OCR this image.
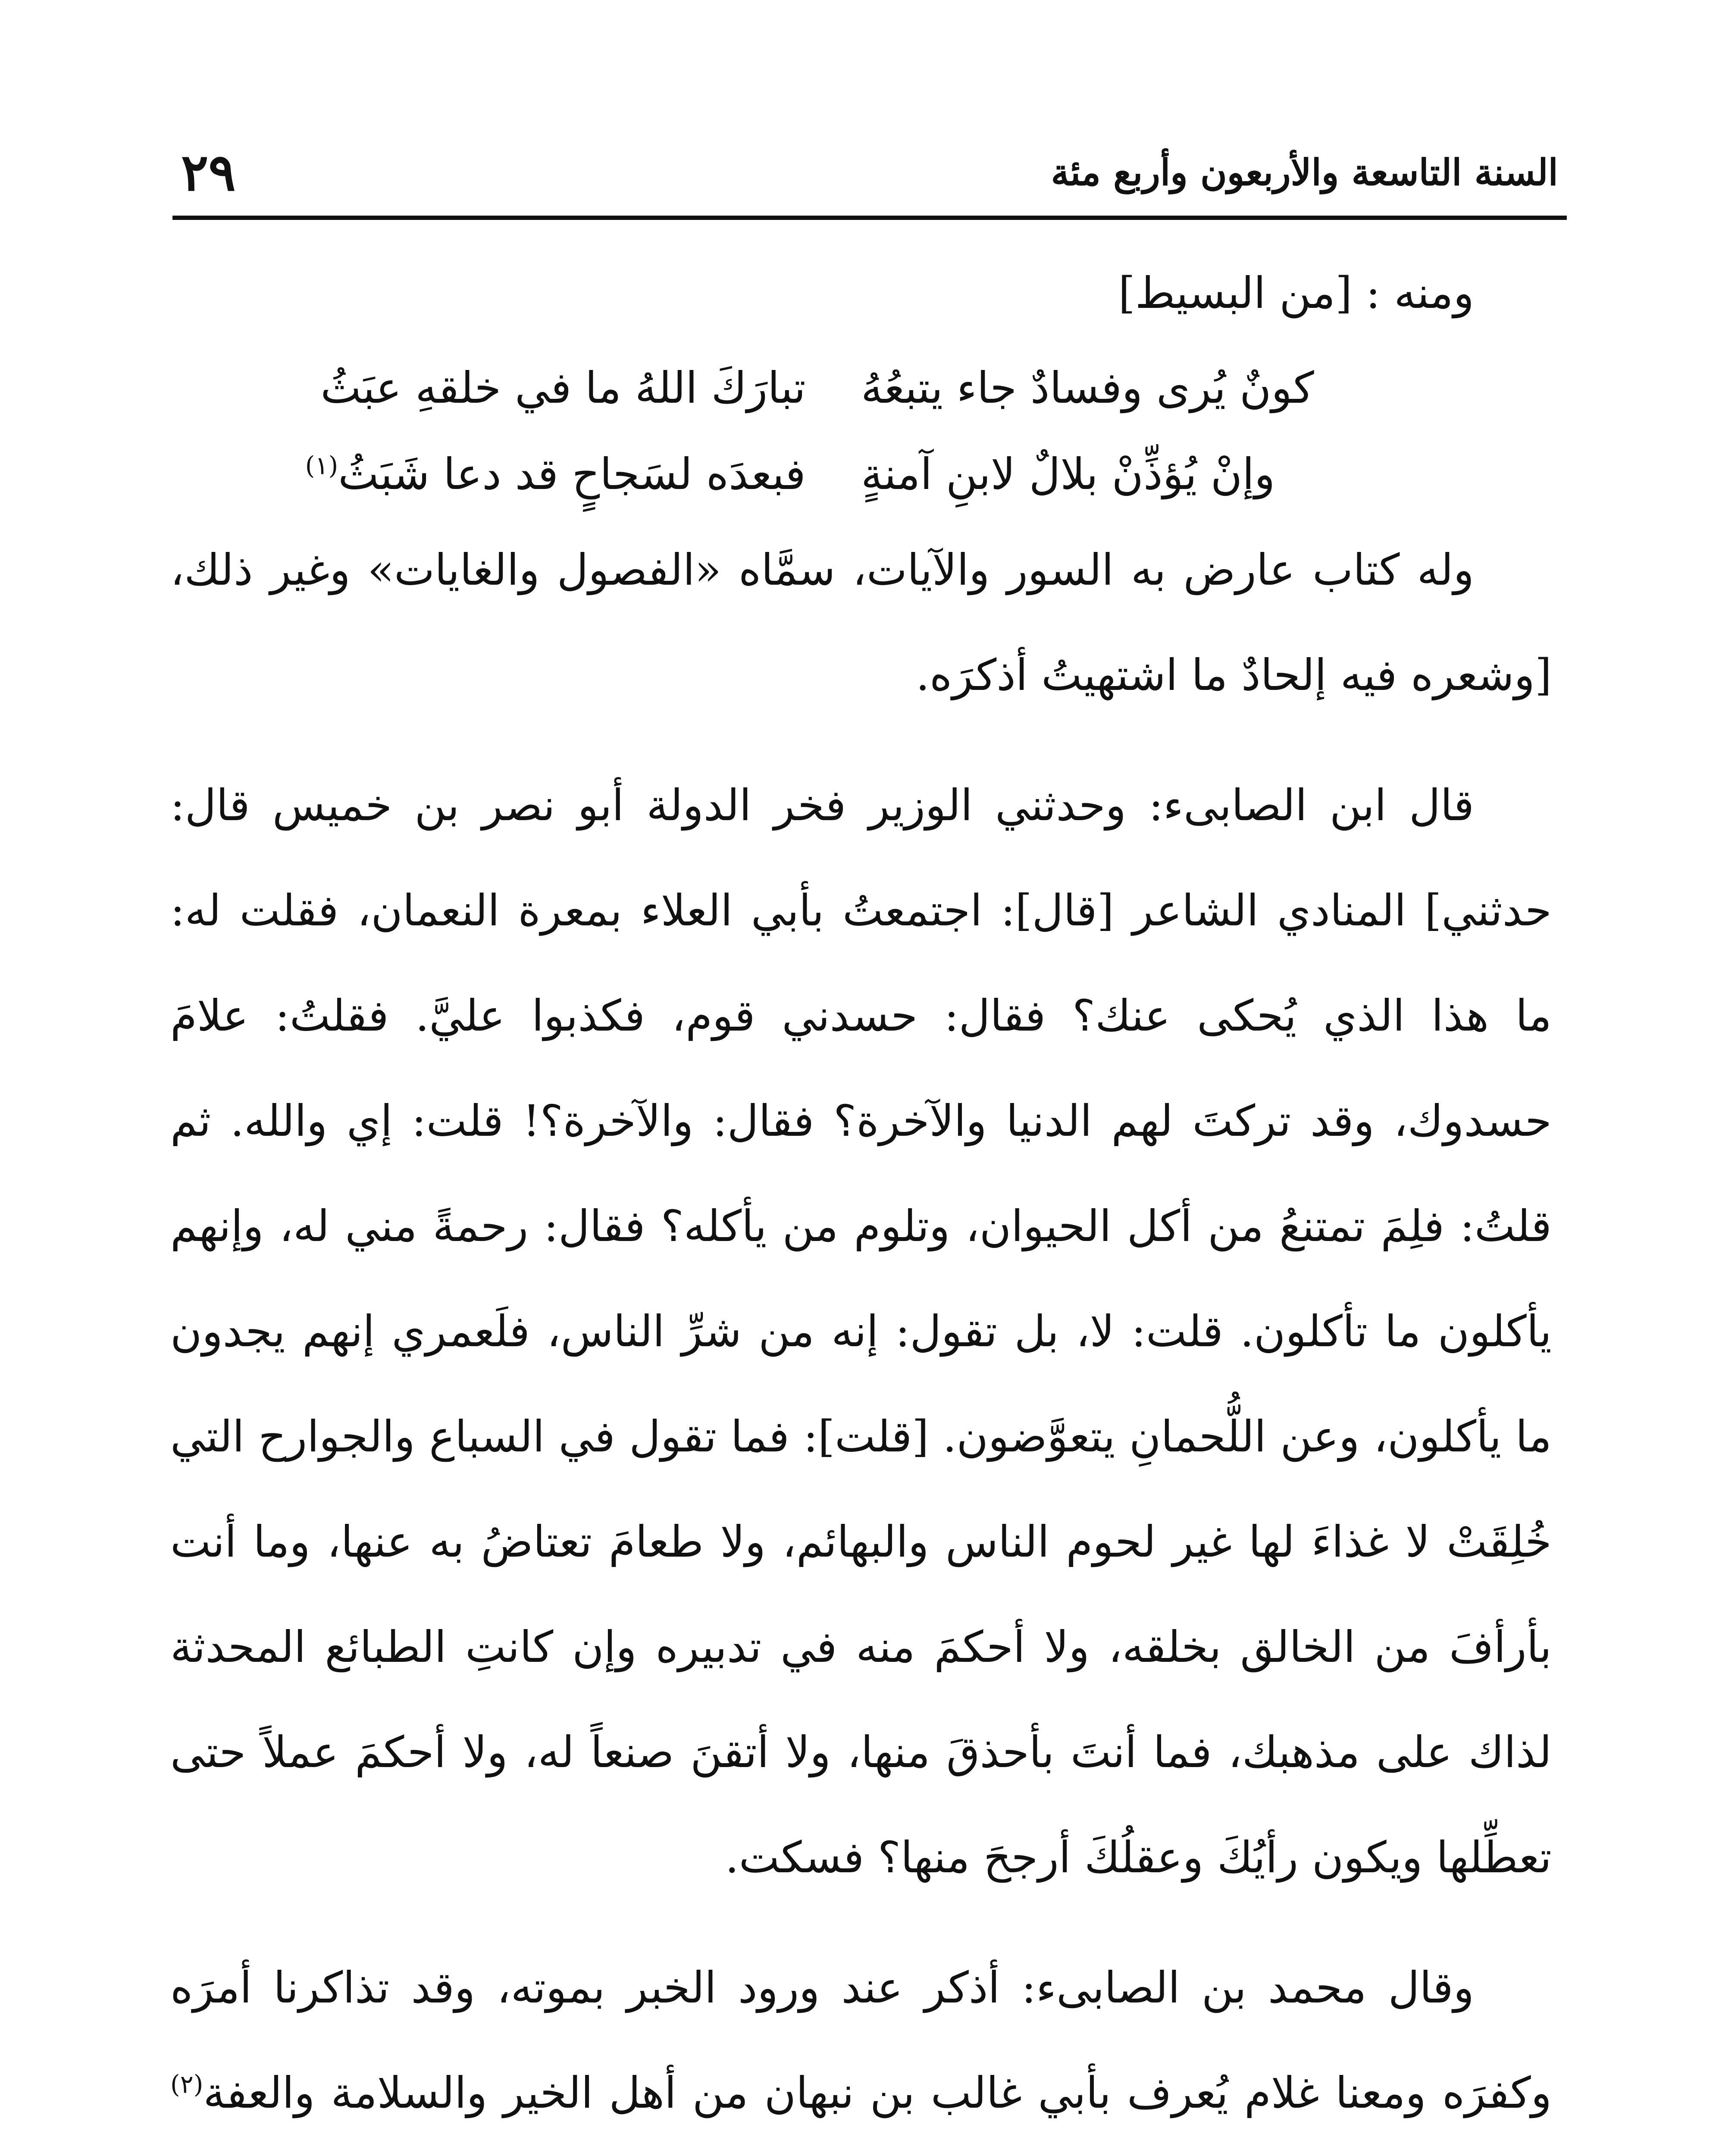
السنة التاسعة والأربعون وأربع مئة
٢٩
ومنه : [من البسيط]
كونٌ يُرى وفسادٌ جاء يتبعُهُ
تبارَكَ اللهُ ما في خلقهِ عبَثُ
وإنْ يُؤذِّنْ بلالٌ لابنِ آمنةٍ
فبعدَه لسَجاحٍ قد دعا شَبَثُ$^{(١)}$

وله كتاب عارض به السور والآيات، سمَّاه «الفصول والغايات» وغير ذلك، [وشعره فيه إلحادٌ ما اشتهيتُ أذكرَه.

قال ابن الصابىء: وحدثني الوزير فخر الدولة أبو نصر بن خميس قال: حدثني] المنادي الشاعر [قال]: اجتمعتُ بأبي العلاء بمعرة النعمان، فقلت له: ما هذا الذي يُحكى عنك؟ فقال: حسدني قوم، فكذبوا عليَّ. فقلتُ: علامَ حسدوك، وقد تركتَ لهم الدنيا والآخرة؟ فقال: والآخرة؟! قلت: إي والله. ثم قلتُ: فلِمَ تمتنعُ من أكل الحيوان، وتلوم من يأكله؟ فقال: رحمةً مني له، وإنهم يأكلون ما تأكلون. قلت: لا، بل تقول: إنه من شرِّ الناس، فلَعمري إنهم يجدون ما يأكلون، وعن اللُّحمانِ يتعوَّضون. [قلت]: فما تقول في السباع والجوارح التي خُلِقَتْ لا غذاءَ لها غير لحوم الناس والبهائم، ولا طعامَ تعتاضُ به عنها، وما أنت بأرأفَ من الخالق بخلقه، ولا أحكمَ منه في تدبيره وإن كانتِ الطبائع المحدثة لذاك على مذهبك، فما أنتَ بأحذقَ منها، ولا أتقنَ صنعاً له، ولا أحكمَ عملاً حتى تعطِّلها ويكون رأيُكَ وعقلُكَ أرجحَ منها؟ فسكت.

وقال محمد بن الصابىء: أذكر عند ورود الخبر بموته، وقد تذاكرنا أمرَه وكفرَه ومعنا غلام يُعرف بأبي غالب بن نبهان من أهل الخير والسلامة والعفة$^{(٢)}$
